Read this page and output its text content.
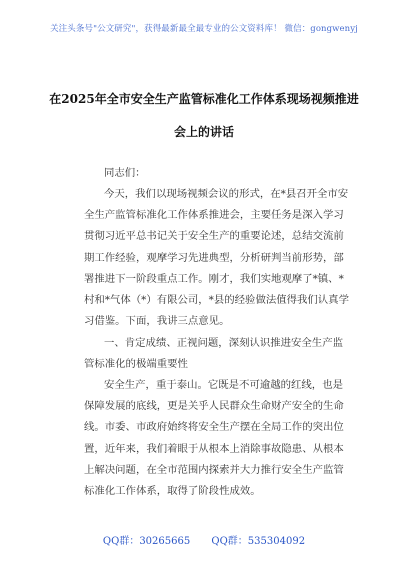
关注头条号"公文研究"，获得最新最全最专业的公文资料库！ 微信：gongwenyj
在2025年全市安全生产监管标准化工作体系现场视频推进
会上的讲话
同志们：
今天，我们以现场视频会议的形式，在*县召开全市安
全生产监管标准化工作体系推进会，主要任务是深入学习
贯彻习近平总书记关于安全生产的重要论述，总结交流前
期工作经验，观摩学习先进典型，分析研判当前形势，部
署推进下一阶段重点工作。刚才，我们实地观摩了*镇、*
村和*气体（*）有限公司，*县的经验做法值得我们认真学
习借鉴。下面，我讲三点意见。
一、肯定成绩、正视问题，深刻认识推进安全生产监
管标准化的极端重要性
安全生产，重于泰山。它既是不可逾越的红线，也是
保障发展的底线，更是关乎人民群众生命财产安全的生命
线。市委、市政府始终将安全生产摆在全局工作的突出位
置，近年来，我们着眼于从根本上消除事故隐患、从根本
上解决问题，在全市范围内探索并大力推行安全生产监管
标准化工作体系，取得了阶段性成效。
QQ群：30265665 QQ群：535304092
